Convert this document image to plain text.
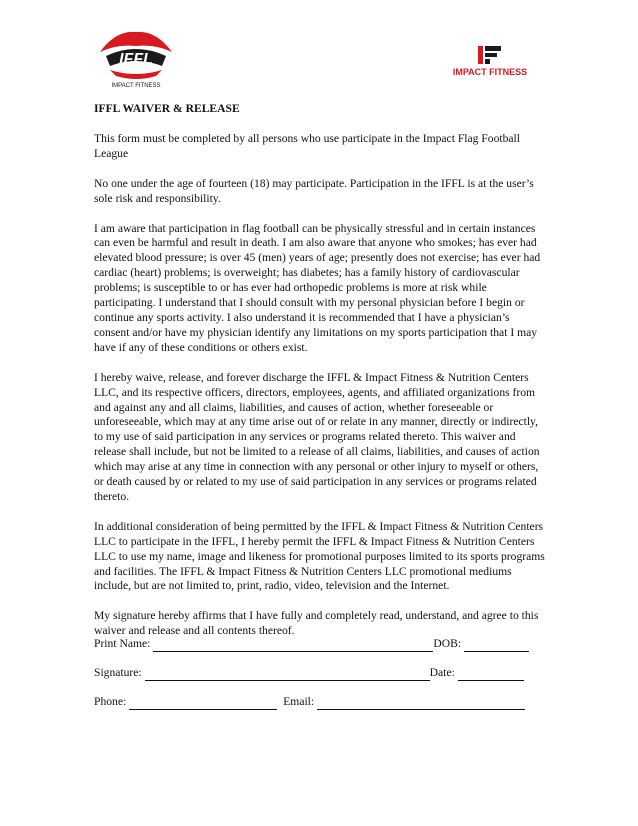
IFFL
IMPACT FITNESS
IMPACT FITNESS
IFFL WAIVER & RELEASE

This form must be completed by all persons who use participate in the Impact Flag Football League

No one under the age of fourteen (18) may participate. Participation in the IFFL is at the user’s sole risk and responsibility.

I am aware that participation in flag football can be physically stressful and in certain instances can even be harmful and result in death. I am also aware that anyone who smokes; has ever had elevated blood pressure; is over 45 (men) years of age; presently does not exercise; has ever had cardiac (heart) problems; is overweight; has diabetes; has a family history of cardiovascular problems; is susceptible to or has ever had orthopedic problems is more at risk while participating. I understand that I should consult with my personal physician before I begin or continue any sports activity. I also understand it is recommended that I have a physician’s consent and/or have my physician identify any limitations on my sports participation that I may have if any of these conditions or others exist.

I hereby waive, release, and forever discharge the IFFL & Impact Fitness & Nutrition Centers LLC, and its respective officers, directors, employees, agents, and affiliated organizations from and against any and all claims, liabilities, and causes of action, whether foreseeable or unforeseeable, which may at any time arise out of or relate in any manner, directly or indirectly, to my use of said participation in any services or programs related thereto. This waiver and release shall include, but not be limited to a release of all claims, liabilities, and causes of action which may arise at any time in connection with any personal or other injury to myself or others, or death caused by or related to my use of said participation in any services or programs related thereto.

In additional consideration of being permitted by the IFFL & Impact Fitness & Nutrition Centers LLC to participate in the IFFL, I hereby permit the IFFL & Impact Fitness & Nutrition Centers LLC to use my name, image and likeness for promotional purposes limited to its sports programs and facilities. The IFFL & Impact Fitness & Nutrition Centers LLC promotional mediums include, but are not limited to, print, radio, video, television and the Internet.

My signature hereby affirms that I have fully and completely read, understand, and agree to this waiver and release and all contents thereof.

Print Name:	DOB:
Signature:	Date:
Phone:	Email:
